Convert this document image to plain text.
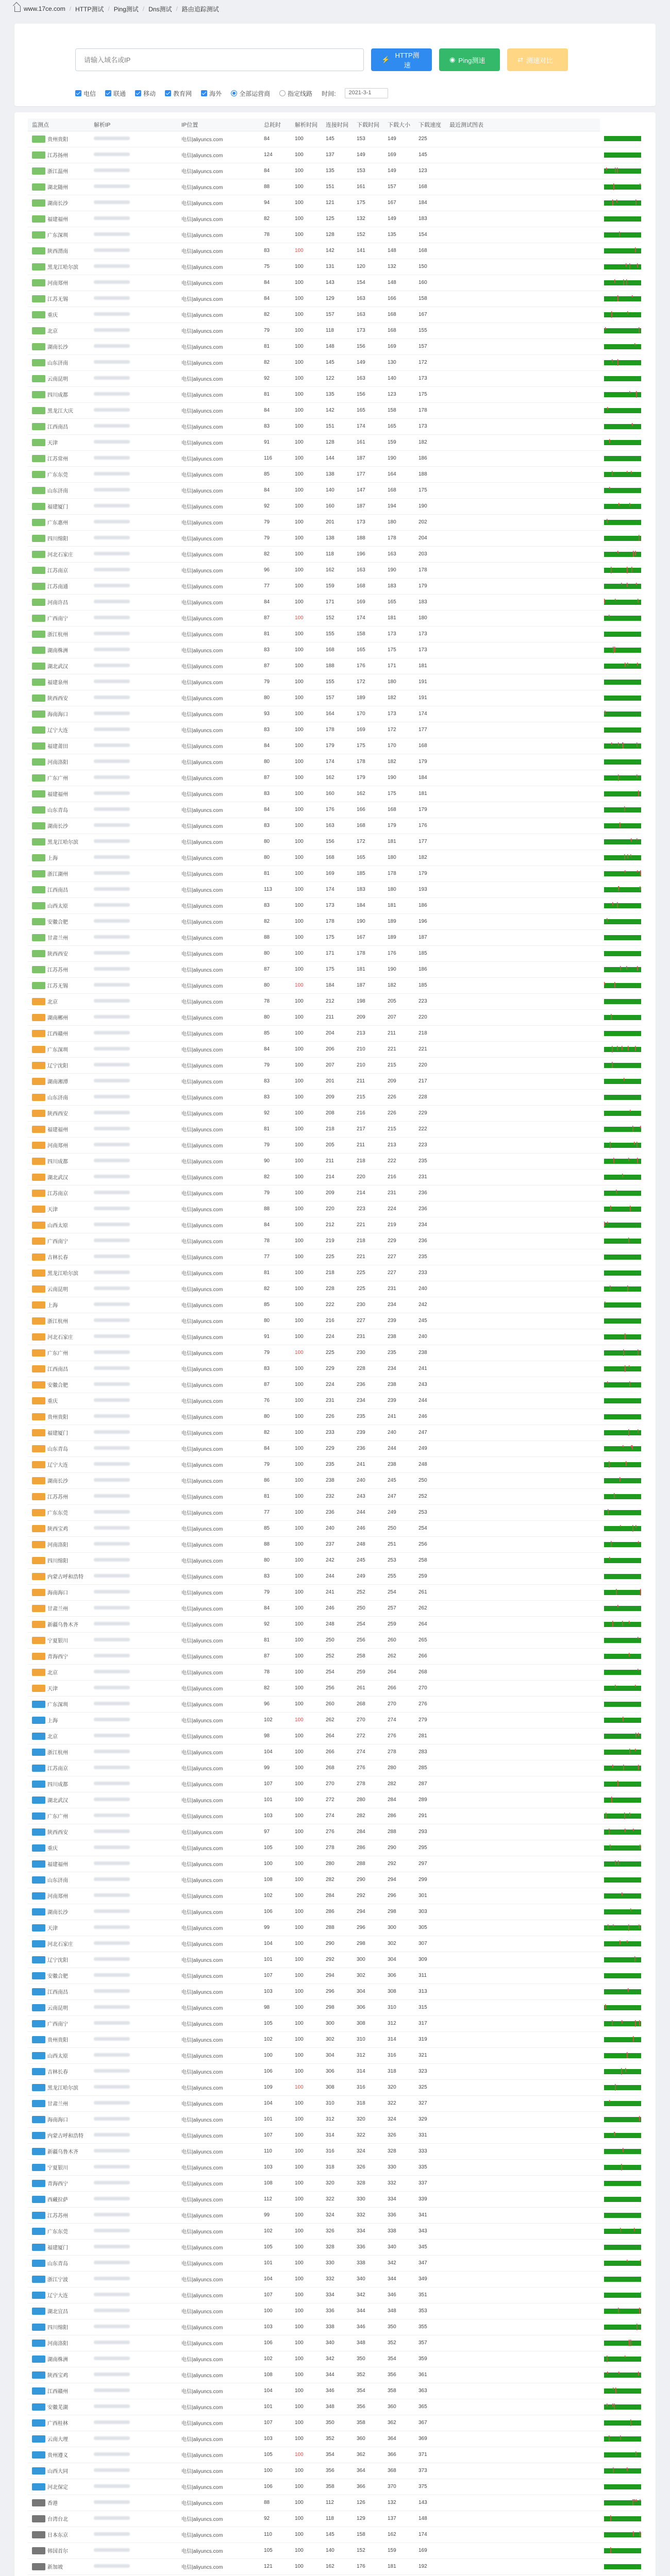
www.17ce.com / HTTP测试 / Ping测试 / Dns测试 / 路由追踪测试
请输入域名或IP
⚡
HTTP测速
◉ Ping测速	⇄ 测速对比
电信	联通	移动	教育网	海外	全部运营商	指定线路 时间:	2021-3-1
监测点	解析IP	IP位置	总耗时	解析时间	连接时间	下载时间	下载大小	下载速度	最近测试图表	

贵州贵阳		电信|aliyuncs.com	84	100	145	153	149	225		

江苏扬州		电信|aliyuncs.com	124	100	137	149	169	145		

浙江温州		电信|aliyuncs.com	84	100	135	153	149	123		

湖北随州		电信|aliyuncs.com	88	100	151	161	157	168		

湖南长沙		电信|aliyuncs.com	94	100	121	175	167	184		

福建福州		电信|aliyuncs.com	82	100	125	132	149	183		

广东深圳		电信|aliyuncs.com	78	100	128	152	135	154		

陕西渭南		电信|aliyuncs.com	83	100	142	141	148	168		

黑龙江哈尔滨		电信|aliyuncs.com	75	100	131	120	132	150		

河南郑州		电信|aliyuncs.com	84	100	143	154	148	160		

江苏无锡		电信|aliyuncs.com	84	100	129	163	166	158		

重庆		电信|aliyuncs.com	82	100	157	163	168	167		

北京		电信|aliyuncs.com	79	100	118	173	168	155		

湖南长沙		电信|aliyuncs.com	81	100	148	156	169	157		

山东济南		电信|aliyuncs.com	82	100	145	149	130	172		

云南昆明		电信|aliyuncs.com	92	100	122	163	140	173		

四川成都		电信|aliyuncs.com	81	100	135	156	123	175		

黑龙江大庆		电信|aliyuncs.com	84	100	142	165	158	178		

江西南昌		电信|aliyuncs.com	83	100	151	174	165	173		

天津		电信|aliyuncs.com	91	100	128	161	159	182		

江苏常州		电信|aliyuncs.com	116	100	144	187	190	186		

广东东莞		电信|aliyuncs.com	85	100	138	177	164	188		

山东济南		电信|aliyuncs.com	84	100	140	147	168	175		

福建厦门		电信|aliyuncs.com	92	100	160	187	194	190		

广东惠州		电信|aliyuncs.com	79	100	201	173	180	202		

四川绵阳		电信|aliyuncs.com	79	100	138	188	178	204		

河北石家庄		电信|aliyuncs.com	82	100	118	196	163	203		

江苏南京		电信|aliyuncs.com	96	100	162	163	190	178		

江苏南通		电信|aliyuncs.com	77	100	159	168	183	179		

河南许昌		电信|aliyuncs.com	84	100	171	169	165	183		

广西南宁		电信|aliyuncs.com	87	100	152	174	181	180		

浙江杭州		电信|aliyuncs.com	81	100	155	158	173	173		

湖南株洲		电信|aliyuncs.com	83	100	168	165	175	173		

湖北武汉		电信|aliyuncs.com	87	100	188	176	171	181		

福建泉州		电信|aliyuncs.com	79	100	155	172	180	191		

陕西西安		电信|aliyuncs.com	80	100	157	189	182	191		

海南海口		电信|aliyuncs.com	93	100	164	170	173	174		

辽宁大连		电信|aliyuncs.com	83	100	178	169	172	177		

福建莆田		电信|aliyuncs.com	84	100	179	175	170	168		

河南洛阳		电信|aliyuncs.com	80	100	174	178	182	179		

广东广州		电信|aliyuncs.com	87	100	162	179	190	184		

福建福州		电信|aliyuncs.com	83	100	160	162	175	181		

山东青岛		电信|aliyuncs.com	84	100	176	166	168	179		

湖南长沙		电信|aliyuncs.com	83	100	163	168	179	176		

黑龙江哈尔滨		电信|aliyuncs.com	80	100	156	172	181	177		

上海		电信|aliyuncs.com	80	100	168	165	180	182		

浙江湖州		电信|aliyuncs.com	81	100	169	185	178	179		

江西南昌		电信|aliyuncs.com	113	100	174	183	180	193		

山西太原		电信|aliyuncs.com	83	100	173	184	181	186		

安徽合肥		电信|aliyuncs.com	82	100	178	190	189	196		

甘肃兰州		电信|aliyuncs.com	88	100	175	167	189	187		

陕西西安		电信|aliyuncs.com	80	100	171	178	176	185		

江苏苏州		电信|aliyuncs.com	87	100	175	181	190	186		

江苏无锡		电信|aliyuncs.com	80	100	184	187	182	185		

北京		电信|aliyuncs.com	78	100	212	198	205	223		

湖南郴州		电信|aliyuncs.com	80	100	211	209	207	220		

江西赣州		电信|aliyuncs.com	85	100	204	213	211	218		

广东深圳		电信|aliyuncs.com	84	100	206	210	221	221		

辽宁沈阳		电信|aliyuncs.com	79	100	207	210	215	220		

湖南湘潭		电信|aliyuncs.com	83	100	201	211	209	217		

山东济南		电信|aliyuncs.com	83	100	209	215	226	228		

陕西西安		电信|aliyuncs.com	92	100	208	216	226	229		

福建福州		电信|aliyuncs.com	81	100	218	217	215	222		

河南郑州		电信|aliyuncs.com	79	100	205	211	213	223		

四川成都		电信|aliyuncs.com	90	100	211	218	222	235		

湖北武汉		电信|aliyuncs.com	82	100	214	220	216	231		

江苏南京		电信|aliyuncs.com	79	100	209	214	231	236		

天津		电信|aliyuncs.com	88	100	220	223	224	236		

山西太原		电信|aliyuncs.com	84	100	212	221	219	234		

广西南宁		电信|aliyuncs.com	78	100	219	218	229	236		

吉林长春		电信|aliyuncs.com	77	100	225	221	227	235		

黑龙江哈尔滨		电信|aliyuncs.com	81	100	218	225	227	233		

云南昆明		电信|aliyuncs.com	82	100	228	225	231	240		

上海		电信|aliyuncs.com	85	100	222	230	234	242		

浙江杭州		电信|aliyuncs.com	80	100	216	227	239	245		

河北石家庄		电信|aliyuncs.com	91	100	224	231	238	240		

广东广州		电信|aliyuncs.com	79	100	225	230	235	238		

江西南昌		电信|aliyuncs.com	83	100	229	228	234	241		

安徽合肥		电信|aliyuncs.com	87	100	224	236	238	243		

重庆		电信|aliyuncs.com	76	100	231	234	239	244		

贵州贵阳		电信|aliyuncs.com	80	100	226	235	241	246		

福建厦门		电信|aliyuncs.com	82	100	233	239	240	247		

山东青岛		电信|aliyuncs.com	84	100	229	236	244	249		

辽宁大连		电信|aliyuncs.com	79	100	235	241	238	248		

湖南长沙		电信|aliyuncs.com	86	100	238	240	245	250		

江苏苏州		电信|aliyuncs.com	81	100	232	243	247	252		

广东东莞		电信|aliyuncs.com	77	100	236	244	249	253		

陕西宝鸡		电信|aliyuncs.com	85	100	240	246	250	254		

河南洛阳		电信|aliyuncs.com	88	100	237	248	251	256		

四川绵阳		电信|aliyuncs.com	80	100	242	245	253	258		

内蒙古呼和浩特		电信|aliyuncs.com	83	100	244	249	255	259		

海南海口		电信|aliyuncs.com	79	100	241	252	254	261		

甘肃兰州		电信|aliyuncs.com	84	100	246	250	257	262		

新疆乌鲁木齐		电信|aliyuncs.com	92	100	248	254	259	264		

宁夏银川		电信|aliyuncs.com	81	100	250	256	260	265		

青海西宁		电信|aliyuncs.com	87	100	252	258	262	266		

北京		电信|aliyuncs.com	78	100	254	259	264	268		

天津		电信|aliyuncs.com	82	100	256	261	266	270		

广东深圳		电信|aliyuncs.com	96	100	260	268	270	276		

上海		电信|aliyuncs.com	102	100	262	270	274	279		

北京		电信|aliyuncs.com	98	100	264	272	276	281		

浙江杭州		电信|aliyuncs.com	104	100	266	274	278	283		

江苏南京		电信|aliyuncs.com	99	100	268	276	280	285		

四川成都		电信|aliyuncs.com	107	100	270	278	282	287		

湖北武汉		电信|aliyuncs.com	101	100	272	280	284	289		

广东广州		电信|aliyuncs.com	103	100	274	282	286	291		

陕西西安		电信|aliyuncs.com	97	100	276	284	288	293		

重庆		电信|aliyuncs.com	105	100	278	286	290	295		

福建福州		电信|aliyuncs.com	100	100	280	288	292	297		

山东济南		电信|aliyuncs.com	108	100	282	290	294	299		

河南郑州		电信|aliyuncs.com	102	100	284	292	296	301		

湖南长沙		电信|aliyuncs.com	106	100	286	294	298	303		

天津		电信|aliyuncs.com	99	100	288	296	300	305		

河北石家庄		电信|aliyuncs.com	104	100	290	298	302	307		

辽宁沈阳		电信|aliyuncs.com	101	100	292	300	304	309		

安徽合肥		电信|aliyuncs.com	107	100	294	302	306	311		

江西南昌		电信|aliyuncs.com	103	100	296	304	308	313		

云南昆明		电信|aliyuncs.com	98	100	298	306	310	315		

广西南宁		电信|aliyuncs.com	105	100	300	308	312	317		

贵州贵阳		电信|aliyuncs.com	102	100	302	310	314	319		

山西太原		电信|aliyuncs.com	100	100	304	312	316	321		

吉林长春		电信|aliyuncs.com	106	100	306	314	318	323		

黑龙江哈尔滨		电信|aliyuncs.com	109	100	308	316	320	325		

甘肃兰州		电信|aliyuncs.com	104	100	310	318	322	327		

海南海口		电信|aliyuncs.com	101	100	312	320	324	329		

内蒙古呼和浩特		电信|aliyuncs.com	107	100	314	322	326	331		

新疆乌鲁木齐		电信|aliyuncs.com	110	100	316	324	328	333		

宁夏银川		电信|aliyuncs.com	103	100	318	326	330	335		

青海西宁		电信|aliyuncs.com	108	100	320	328	332	337		

西藏拉萨		电信|aliyuncs.com	112	100	322	330	334	339		

江苏苏州		电信|aliyuncs.com	99	100	324	332	336	341		

广东东莞		电信|aliyuncs.com	102	100	326	334	338	343		

福建厦门		电信|aliyuncs.com	105	100	328	336	340	345		

山东青岛		电信|aliyuncs.com	101	100	330	338	342	347		

浙江宁波		电信|aliyuncs.com	104	100	332	340	344	349		

辽宁大连		电信|aliyuncs.com	107	100	334	342	346	351		

湖北宜昌		电信|aliyuncs.com	100	100	336	344	348	353		

四川绵阳		电信|aliyuncs.com	103	100	338	346	350	355		

河南洛阳		电信|aliyuncs.com	106	100	340	348	352	357		

湖南株洲		电信|aliyuncs.com	102	100	342	350	354	359		

陕西宝鸡		电信|aliyuncs.com	108	100	344	352	356	361		

江西赣州		电信|aliyuncs.com	104	100	346	354	358	363		

安徽芜湖		电信|aliyuncs.com	101	100	348	356	360	365		

广西桂林		电信|aliyuncs.com	107	100	350	358	362	367		

云南大理		电信|aliyuncs.com	103	100	352	360	364	369		

贵州遵义		电信|aliyuncs.com	105	100	354	362	366	371		

山西大同		电信|aliyuncs.com	100	100	356	364	368	373		

河北保定		电信|aliyuncs.com	106	100	358	366	370	375		

香港		电信|aliyuncs.com	88	100	112	126	132	143		

台湾台北		电信|aliyuncs.com	92	100	118	129	137	148		

日本东京		电信|aliyuncs.com	110	100	145	158	162	174		

韩国首尔		电信|aliyuncs.com	105	100	140	152	159	169		

新加坡		电信|aliyuncs.com	121	100	162	176	181	192		
